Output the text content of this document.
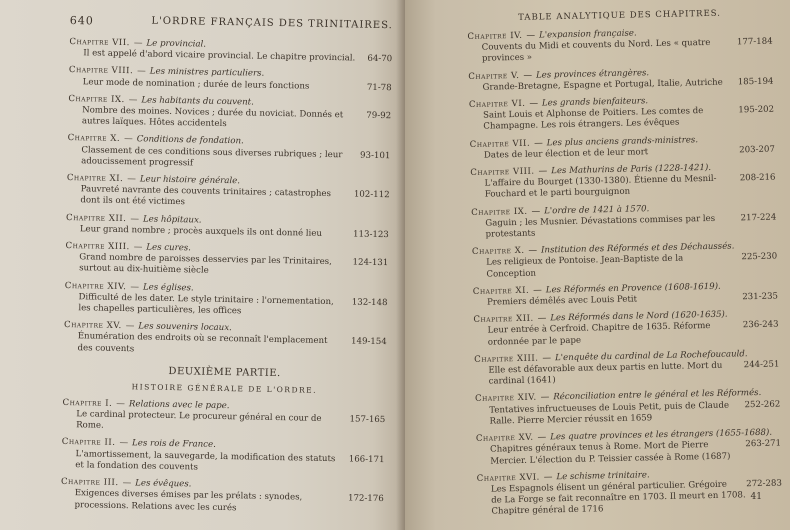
640	L'ORDRE FRANÇAIS DES TRINITAIRES.
Chapitre VII. — Le provincial.
64-70
Il est appelé d'abord vicaire provincial. Le chapitre provincial.
Chapitre VIII. — Les ministres particuliers.
71-78
Leur mode de nomination ; durée de leurs fonctions
Chapitre IX. — Les habitants du couvent.
79-92
Nombre des moines. Novices ; durée du noviciat. Donnés et autres laïques. Hôtes accidentels
Chapitre X. — Conditions de fondation.
93-101
Classement de ces conditions sous diverses rubriques ; leur adoucissement progressif
Chapitre XI. — Leur histoire générale.
102-112
Pauvreté navrante des couvents trinitaires ; catastrophes dont ils ont été victimes
Chapitre XII. — Les hôpitaux.
113-123
Leur grand nombre ; procès auxquels ils ont donné lieu
Chapitre XIII. — Les cures.
124-131
Grand nombre de paroisses desservies par les Trinitaires, surtout au dix-huitième siècle
Chapitre XIV. — Les églises.
132-148
Difficulté de les dater. Le style trinitaire : l'ornementation, les chapelles particulières, les offices
Chapitre XV. — Les souvenirs locaux.
149-154
Énumération des endroits où se reconnaît l'emplacement des couvents
DEUXIÈME PARTIE.
HISTOIRE GÉNÉRALE DE L'ORDRE.
Chapitre I. — Relations avec le pape.
157-165
Le cardinal protecteur. Le procureur général en cour de Rome.
Chapitre II. — Les rois de France.
166-171
L'amortissement, la sauvegarde, la modification des statuts et la fondation des couvents
Chapitre III. — Les évêques.
172-176
Exigences diverses émises par les prélats : synodes, processions. Relations avec les curés
TABLE ANALYTIQUE DES CHAPITRES.
Chapitre IV. — L'expansion française.
177-184
Couvents du Midi et couvents du Nord. Les « quatre provinces »
Chapitre V. — Les provinces étrangères.
185-194
Grande-Bretagne, Espagne et Portugal, Italie, Autriche
Chapitre VI. — Les grands bienfaiteurs.
195-202
Saint Louis et Alphonse de Poitiers. Les comtes de Champagne. Les rois étrangers. Les évêques
Chapitre VII. — Les plus anciens grands-ministres.
203-207
Dates de leur élection et de leur mort
Chapitre VIII. — Les Mathurins de Paris (1228-1421).
208-216
L'affaire du Bourget (1330-1380). Étienne du Mesnil-Fouchard et le parti bourguignon
Chapitre IX. — L'ordre de 1421 à 1570.
217-224
Gaguin ; les Musnier. Dévastations commises par les protestants
Chapitre X. — Institution des Réformés et des Déchaussés.
225-230
Les religieux de Pontoise. Jean-Baptiste de la Conception
Chapitre XI. — Les Réformés en Provence (1608-1619).
231-235
Premiers démêlés avec Louis Petit
Chapitre XII. — Les Réformés dans le Nord (1620-1635).
236-243
Leur entrée à Cerfroid. Chapitre de 1635. Réforme ordonnée par le pape
Chapitre XIII. — L'enquête du cardinal de La Rochefoucauld.
244-251
Elle est défavorable aux deux partis en lutte. Mort du cardinal (1641)
Chapitre XIV. — Réconciliation entre le général et les Réformés.
252-262
Tentatives infructueuses de Louis Petit, puis de Claude Ralle. Pierre Mercier réussit en 1659
Chapitre XV. — Les quatre provinces et les étrangers (1655-1688).
263-271
Chapitres généraux tenus à Rome. Mort de Pierre Mercier. L'élection du P. Teissier cassée à Rome (1687)
Chapitre XVI. — Le schisme trinitaire.
272-283
Les Espagnols élisent un général particulier. Grégoire de La Forge se fait reconnaître en 1703. Il meurt en 1708. Chapitre général de 1716
41
